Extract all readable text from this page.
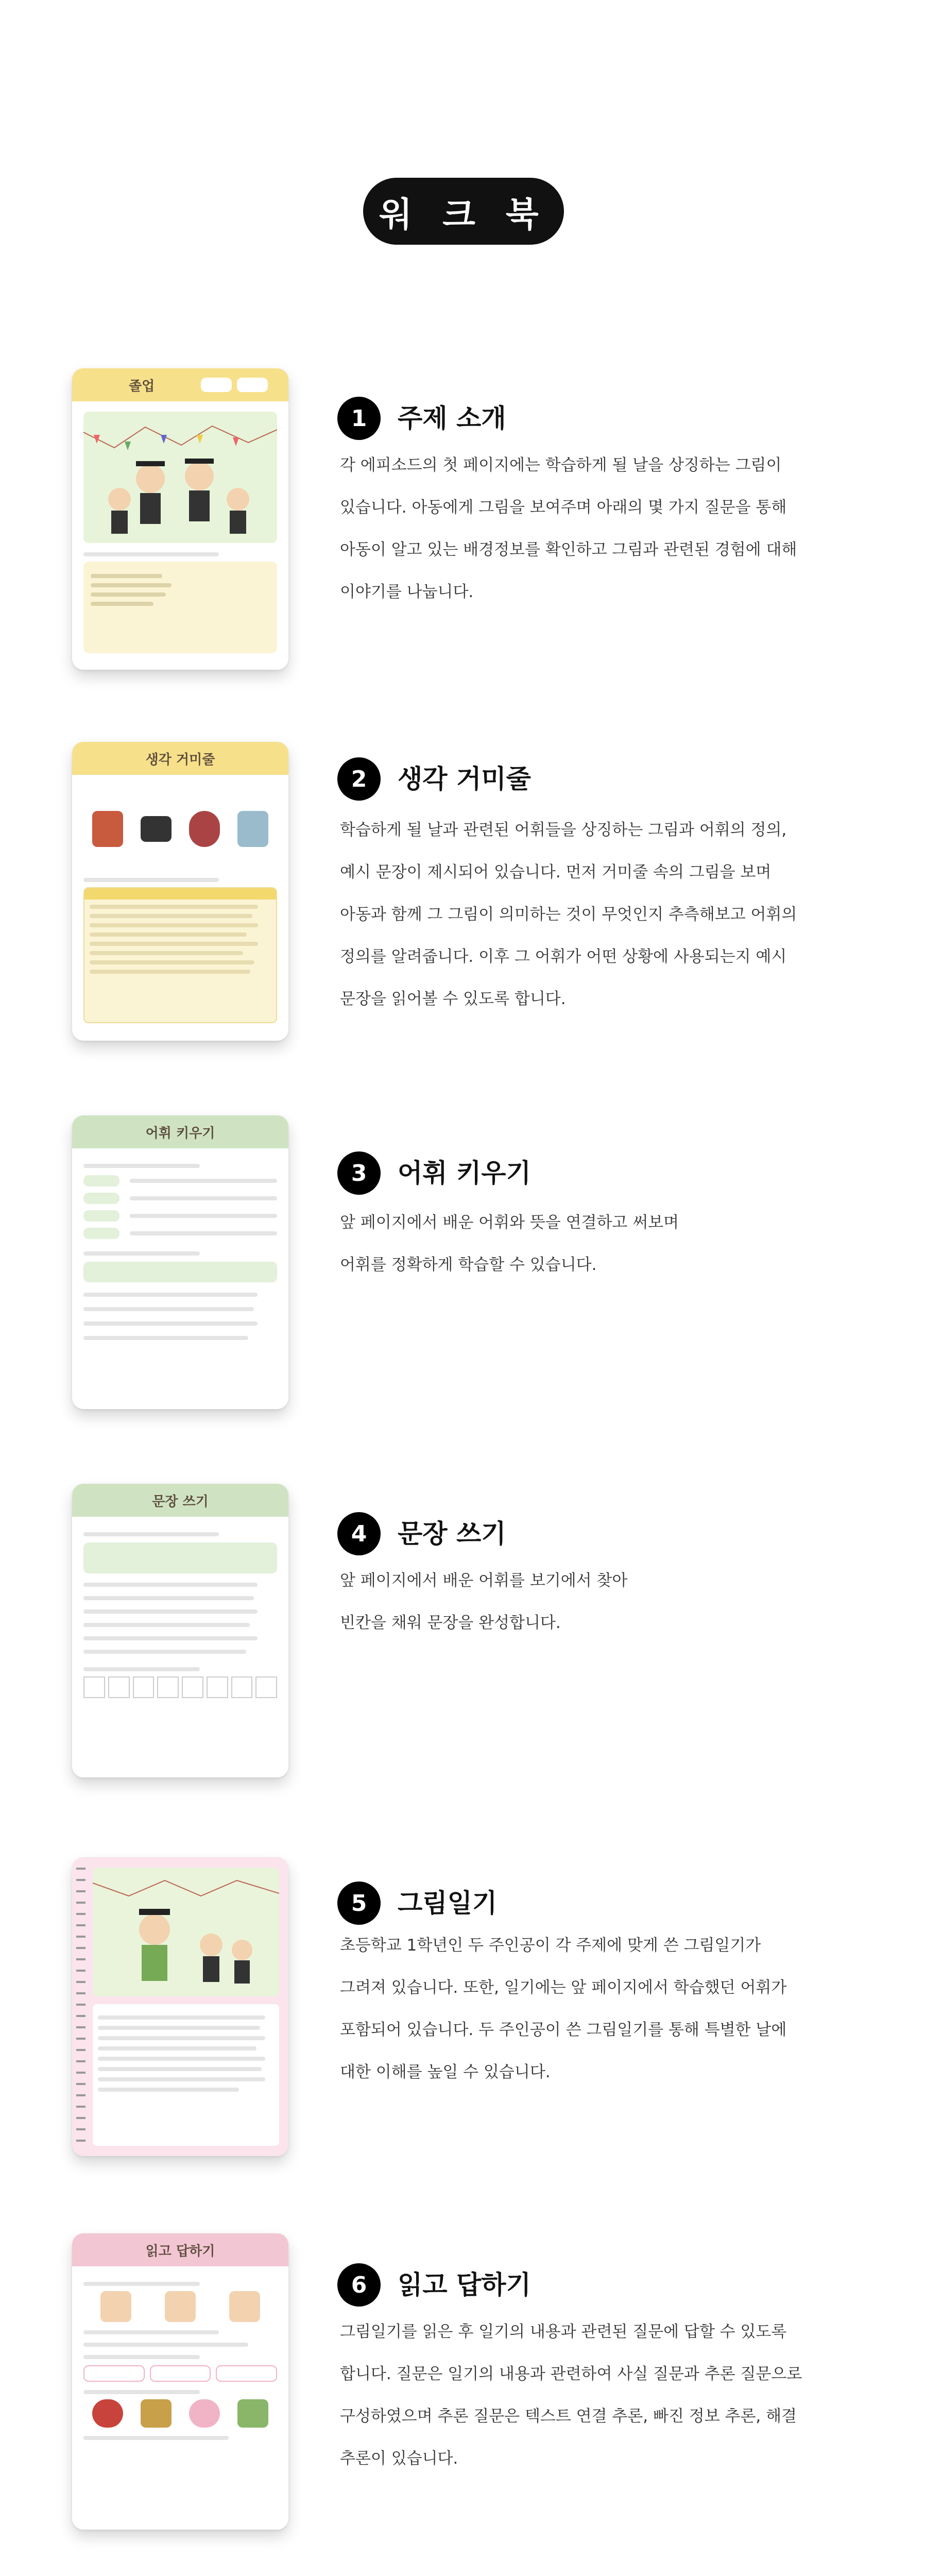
워 크 북
졸업
1	주제 소개
각 에피소드의 첫 페이지에는 학습하게 될 날을 상징하는 그림이
있습니다. 아동에게 그림을 보여주며 아래의 몇 가지 질문을 통해
아동이 알고 있는 배경정보를 확인하고 그림과 관련된 경험에 대해
이야기를 나눕니다.
생각 거미줄
2	생각 거미줄
학습하게 될 날과 관련된 어휘들을 상징하는 그림과 어휘의 정의,
예시 문장이 제시되어 있습니다. 먼저 거미줄 속의 그림을 보며
아동과 함께 그 그림이 의미하는 것이 무엇인지 추측해보고 어휘의
정의를 알려줍니다. 이후 그 어휘가 어떤 상황에 사용되는지 예시
문장을 읽어볼 수 있도록 합니다.
어휘 키우기
3	어휘 키우기
앞 페이지에서 배운 어휘와 뜻을 연결하고 써보며
어휘를 정확하게 학습할 수 있습니다.
문장 쓰기
4	문장 쓰기
앞 페이지에서 배운 어휘를 보기에서 찾아
빈칸을 채워 문장을 완성합니다.
5	그림일기
초등학교 1학년인 두 주인공이 각 주제에 맞게 쓴 그림일기가
그려져 있습니다. 또한, 일기에는 앞 페이지에서 학습했던 어휘가
포함되어 있습니다. 두 주인공이 쓴 그림일기를 통해 특별한 날에
대한 이해를 높일 수 있습니다.
읽고 답하기
6	읽고 답하기
그림일기를 읽은 후 일기의 내용과 관련된 질문에 답할 수 있도록
합니다. 질문은 일기의 내용과 관련하여 사실 질문과 추론 질문으로
구성하였으며 추론 질문은 텍스트 연결 추론, 빠진 정보 추론, 해결
추론이 있습니다.
